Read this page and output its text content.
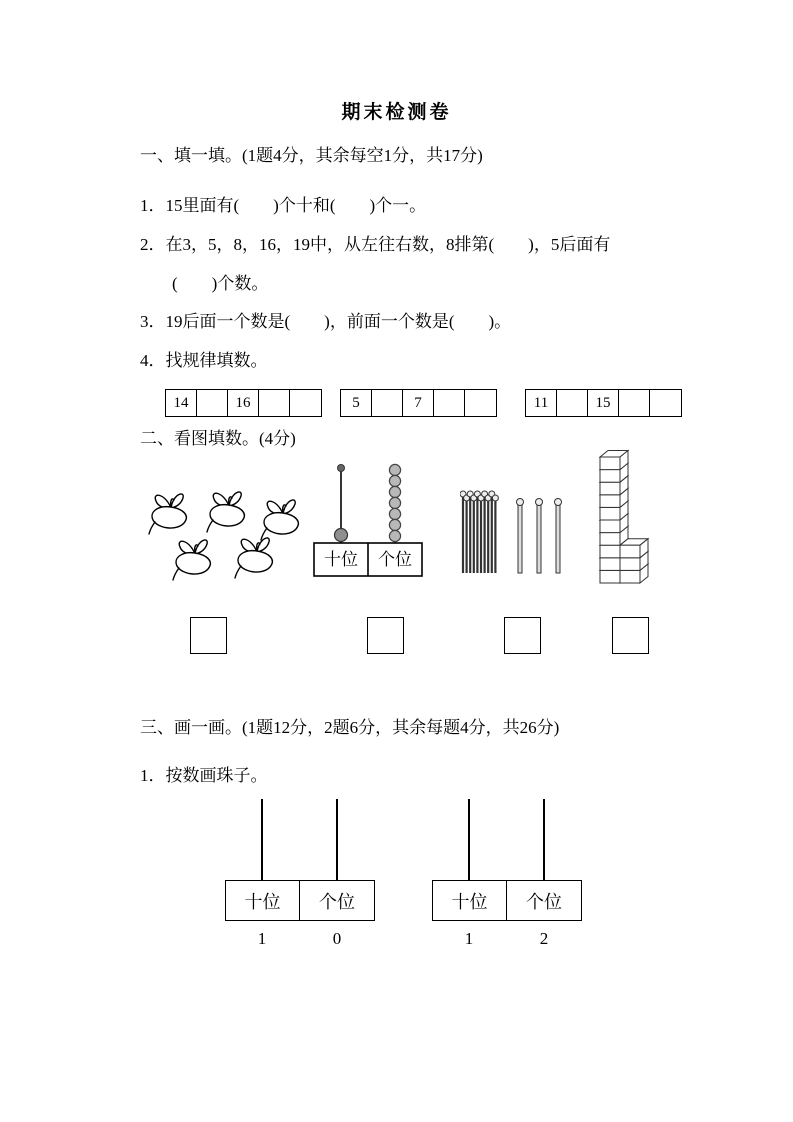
期末检测卷
一、填一填。(1题4分，其余每空1分，共17分)
1．15里面有(        )个十和(        )个一。
2．在3，5，8，16，19中，从左往右数，8排第(        )，5后面有
(        )个数。
3．19后面一个数是(        )，前面一个数是(        )。
4．找规律填数。
14	16	5	7	11	15
二、看图填数。(4分)
十位 个位
三、画一画。(1题12分，2题6分，其余每题4分，共26分)
1．按数画珠子。
十位	个位	十位	个位
1	0	1	2
